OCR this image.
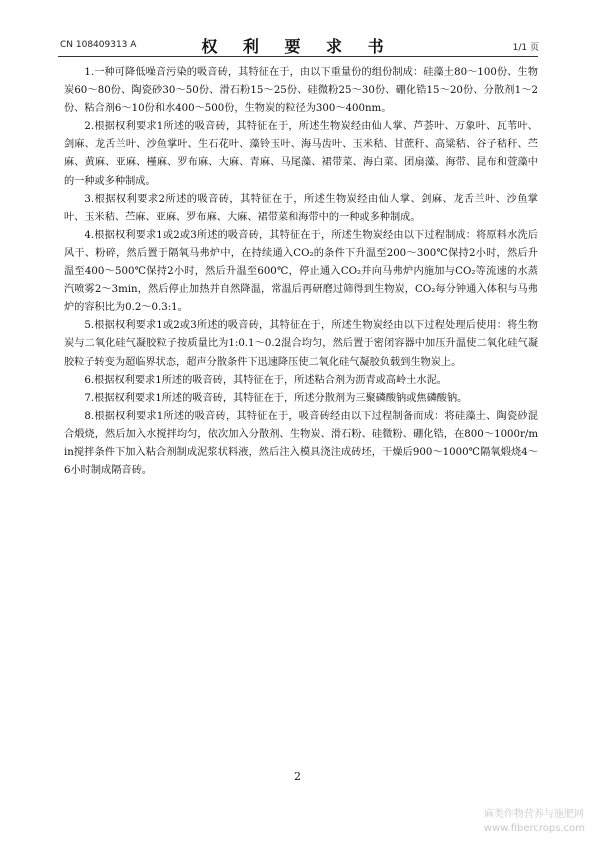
CN 108409313 A	权 利 要 求 书	1/1 页

1.一种可降低噪音污染的吸音砖，其特征在于，由以下重量份的组份制成：硅藻土80～100份、生物炭60～80份、陶瓷砂30～50份、滑石粉15～25份、硅微粉25～30份、硼化锆15～20份、分散剂1～2份、粘合剂6～10份和水400～500份，生物炭的粒径为300～400nm。

2.根据权利要求1所述的吸音砖，其特征在于，所述生物炭经由仙人掌、芦荟叶、万象叶、瓦苇叶、剑麻、龙舌兰叶、沙鱼掌叶、生石花叶、藻铃玉叶、海马齿叶、玉米秸、甘蔗秆、高粱秸、谷子秸秆、苎麻、黄麻、亚麻、槿麻、罗布麻、大麻、青麻、马尾藻、裙带菜、海白菜、团扇藻、海带、昆布和萱藻中的一种或多种制成。

3.根据权利要求2所述的吸音砖，其特征在于，所述生物炭经由仙人掌、剑麻、龙舌兰叶、沙鱼掌叶、玉米秸、苎麻、亚麻、罗布麻、大麻、裙带菜和海带中的一种或多种制成。

4.根据权利要求1或2或3所述的吸音砖，其特征在于，所述生物炭经由以下过程制成：将原料水洗后风干、粉碎，然后置于隔氧马弗炉中，在持续通入CO₂的条件下升温至200～300℃保持2小时，然后升温至400～500℃保持2小时，然后升温至600℃，停止通入CO₂并向马弗炉内施加与CO₂等流速的水蒸汽喷雾2～3min，然后停止加热并自然降温，常温后再研磨过筛得到生物炭，CO₂每分钟通入体积与马弗炉的容积比为0.2～0.3:1。

5.根据权利要求1或2或3所述的吸音砖，其特征在于，所述生物炭经由以下过程处理后使用：将生物炭与二氧化硅气凝胶粒子按质量比为1:0.1～0.2混合均匀，然后置于密闭容器中加压升温使二氧化硅气凝胶粒子转变为超临界状态，超声分散条件下迅速降压使二氧化硅气凝胶负载到生物炭上。

6.根据权利要求1所述的吸音砖，其特征在于，所述粘合剂为沥青或高岭土水泥。

7.根据权利要求1所述的吸音砖，其特征在于，所述分散剂为三聚磷酸钠或焦磷酸钠。

8.根据权利要求1所述的吸音砖，其特征在于，吸音砖经由以下过程制备而成：将硅藻土、陶瓷砂混合煅烧，然后加入水搅拌均匀，依次加入分散剂、生物炭、滑石粉、硅微粉、硼化锆，在800～1000r/min搅拌条件下加入粘合剂制成泥浆状料液，然后注入模具浇注成砖坯，干燥后900～1000℃隔氧煅烧4～6小时制成隔音砖。

2
麻类作物营养与施肥网
www.fibercrops.com
